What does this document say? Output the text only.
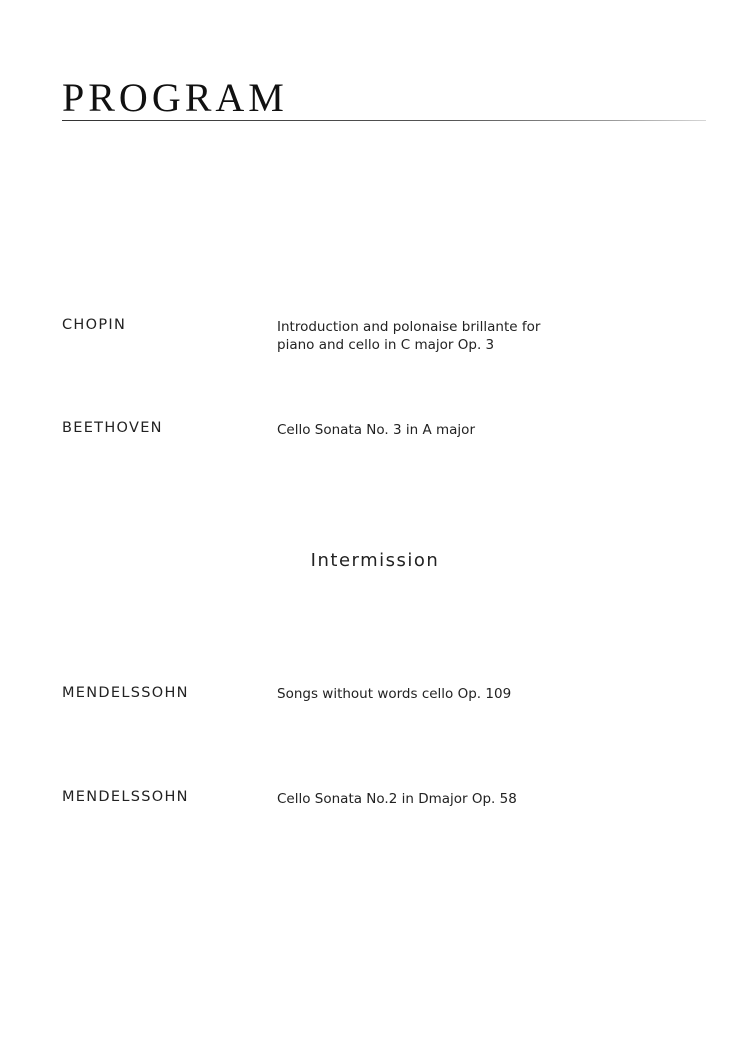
PROGRAM

CHOPIN	Introduction and polonaise brillante for
piano and cello in C major Op. 3

BEETHOVEN	Cello Sonata No. 3 in A major

Intermission

MENDELSSOHN	Songs without words cello Op. 109

MENDELSSOHN	Cello Sonata No.2 in Dmajor Op. 58
